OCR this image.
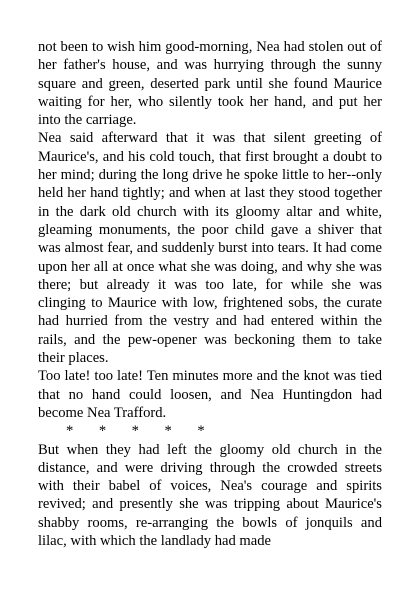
not been to wish him good-morning, Nea had stolen out of her father's house, and was hurrying through the sunny square and green, deserted park until she found Maurice waiting for her, who silently took her hand, and put her into the carriage.

Nea said afterward that it was that silent greeting of Maurice's, and his cold touch, that first brought a doubt to her mind; during the long drive he spoke little to her--only held her hand tightly; and when at last they stood together in the dark old church with its gloomy altar and white, gleaming monuments, the poor child gave a shiver that was almost fear, and suddenly burst into tears. It had come upon her all at once what she was doing, and why she was there; but already it was too late, for while she was clinging to Maurice with low, frightened sobs, the curate had hurried from the vestry and had entered within the rails, and the pew-opener was beckoning them to take their places.

Too late! too late! Ten minutes more and the knot was tied that no hand could loosen, and Nea Huntingdon had become Nea Trafford.

*       *       *       *       *

But when they had left the gloomy old church in the distance, and were driving through the crowded streets with their babel of voices, Nea's courage and spirits revived; and presently she was tripping about Maurice's shabby rooms, re-arranging the bowls of jonquils and lilac, with which the landlady had made
